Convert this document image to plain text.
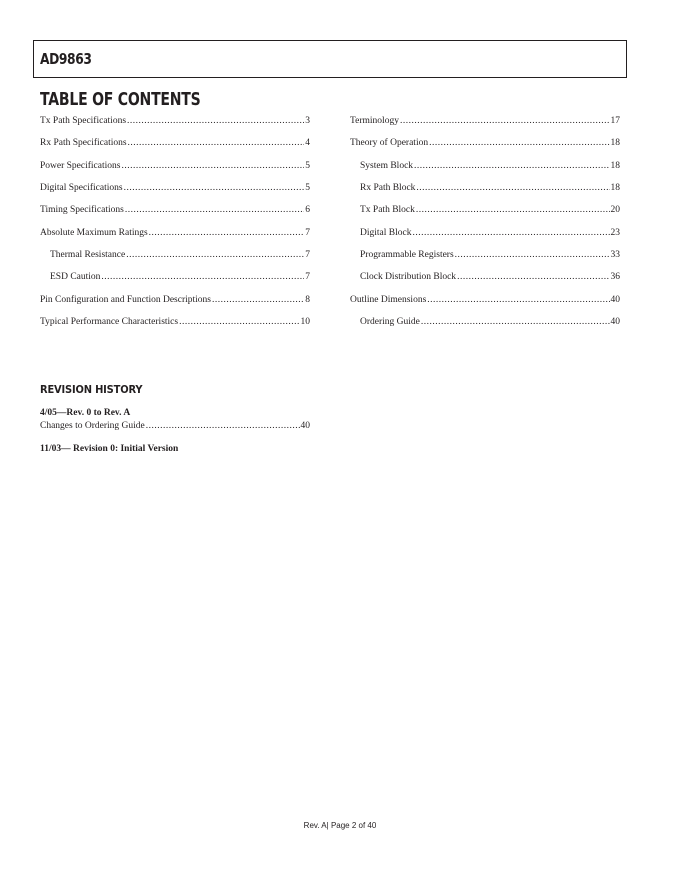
AD9863
TABLE OF CONTENTS
Tx Path Specifications .....	3
Rx Path Specifications .....	4
Power Specifications .....	5
Digital Specifications .....	5
Timing Specifications .....	6
Absolute Maximum Ratings .....	7
Thermal Resistance .....	7
ESD Caution .....	7
Pin Configuration and Function Descriptions .....	8
Typical Performance Characteristics .....	10
Terminology .....	17
Theory of Operation .....	18
System Block .....	18
Rx Path Block .....	18
Tx Path Block .....	20
Digital Block .....	23
Programmable Registers .....	33
Clock Distribution Block .....	36
Outline Dimensions .....	40
Ordering Guide .....	40
REVISION HISTORY
4/05—Rev. 0 to Rev. A
Changes to Ordering Guide .....	40
11/03— Revision 0: Initial Version
Rev. A| Page 2 of 40
